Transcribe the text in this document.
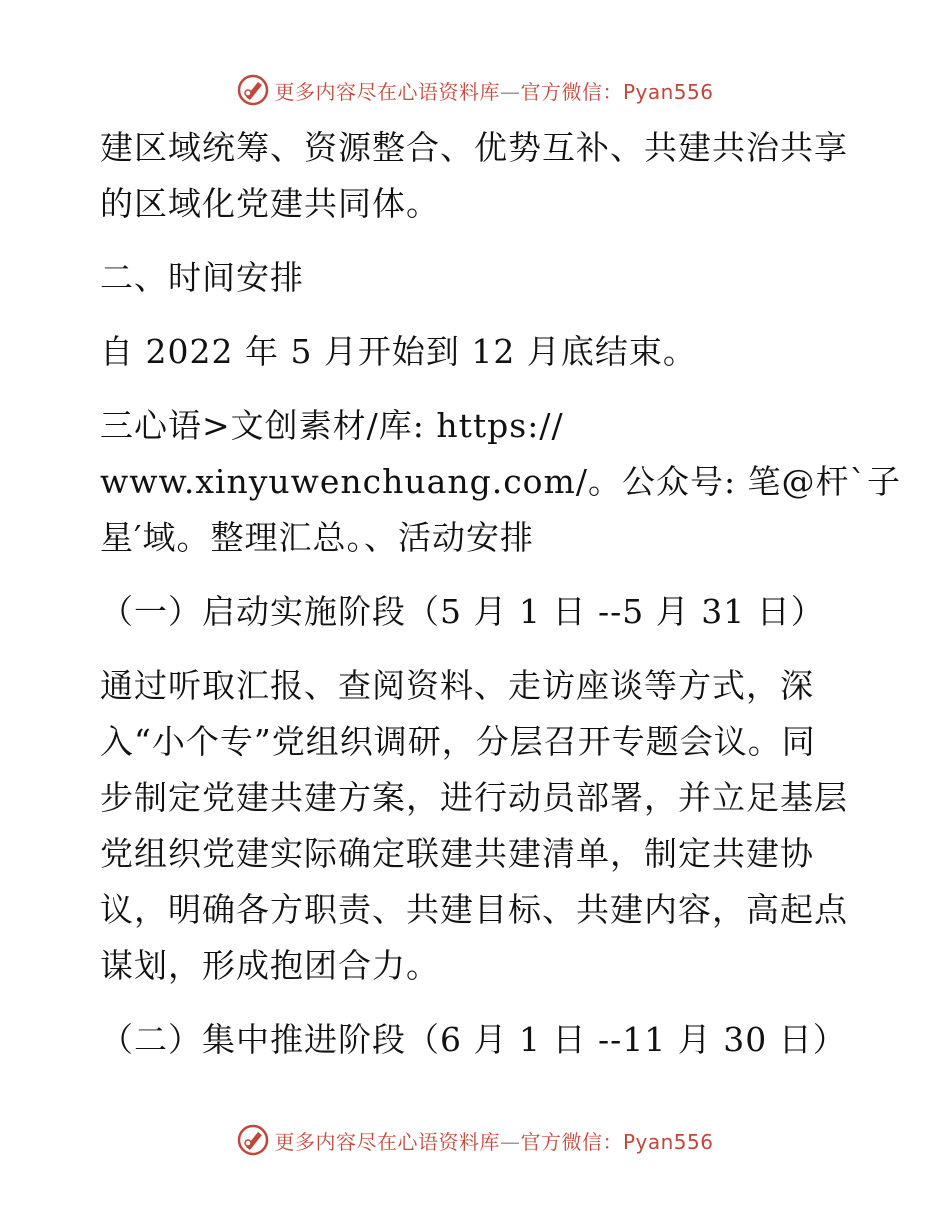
更多内容尽在心语资料库—官方微信：Pyan556
建区域统筹、资源整合、优势互补、共建共治共享
的区域化党建共同体。
二、时间安排
自 2022 年 5 月开始到 12 月底结束。
三心语>文创素材/库: https://
www.xinyuwenchuang.com/。公众号: 笔@杆`子
星′域。整理汇总。、活动安排
（一）启动实施阶段（5 月 1 日 --5 月 31 日）
通过听取汇报、查阅资料、走访座谈等方式，深
入“小个专”党组织调研，分层召开专题会议。同
步制定党建共建方案，进行动员部署，并立足基层
党组织党建实际确定联建共建清单，制定共建协
议，明确各方职责、共建目标、共建内容，高起点
谋划，形成抱团合力。
（二）集中推进阶段（6 月 1 日 --11 月 30 日）
更多内容尽在心语资料库—官方微信：Pyan556
